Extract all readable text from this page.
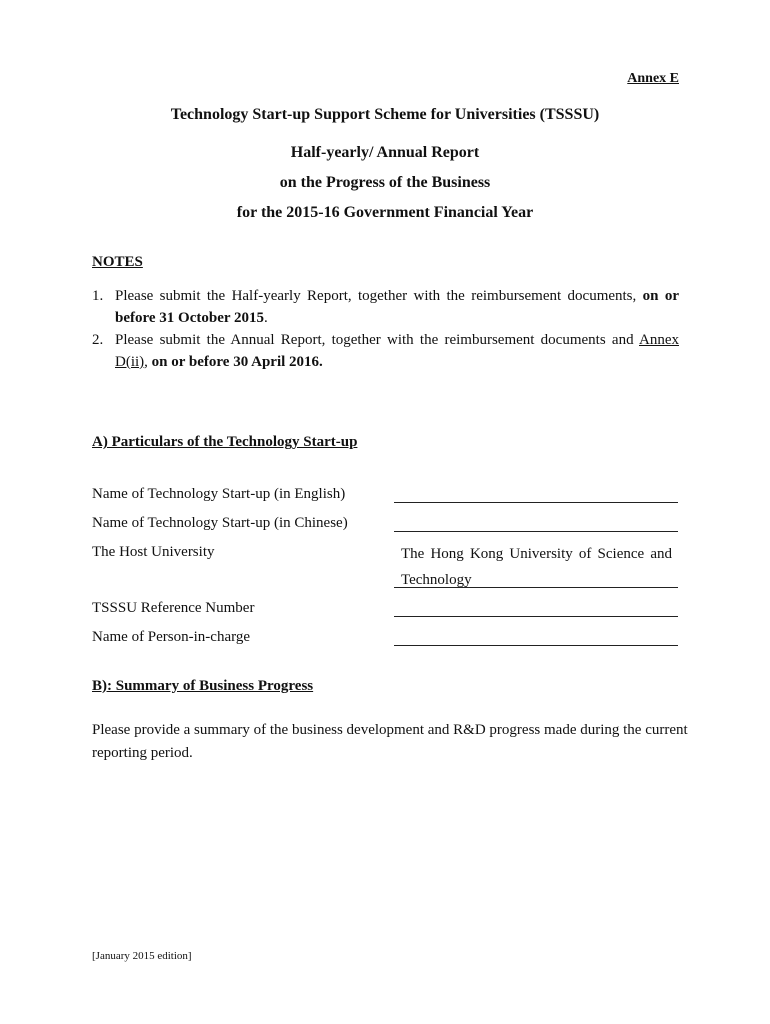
Annex E
Technology Start-up Support Scheme for Universities (TSSSU)
Half-yearly/ Annual Report
on the Progress of the Business
for the 2015-16 Government Financial Year
NOTES
1. Please submit the Half-yearly Report, together with the reimbursement documents, on or before 31 October 2015.
2. Please submit the Annual Report, together with the reimbursement documents and Annex D(ii), on or before 30 April 2016.
A) Particulars of the Technology Start-up
Name of Technology Start-up (in English)
Name of Technology Start-up (in Chinese)
The Host University	The Hong Kong University of Science and Technology
TSSSU Reference Number
Name of Person-in-charge
B): Summary of Business Progress
Please provide a summary of the business development and R&D progress made during the current reporting period.
[January 2015 edition]
